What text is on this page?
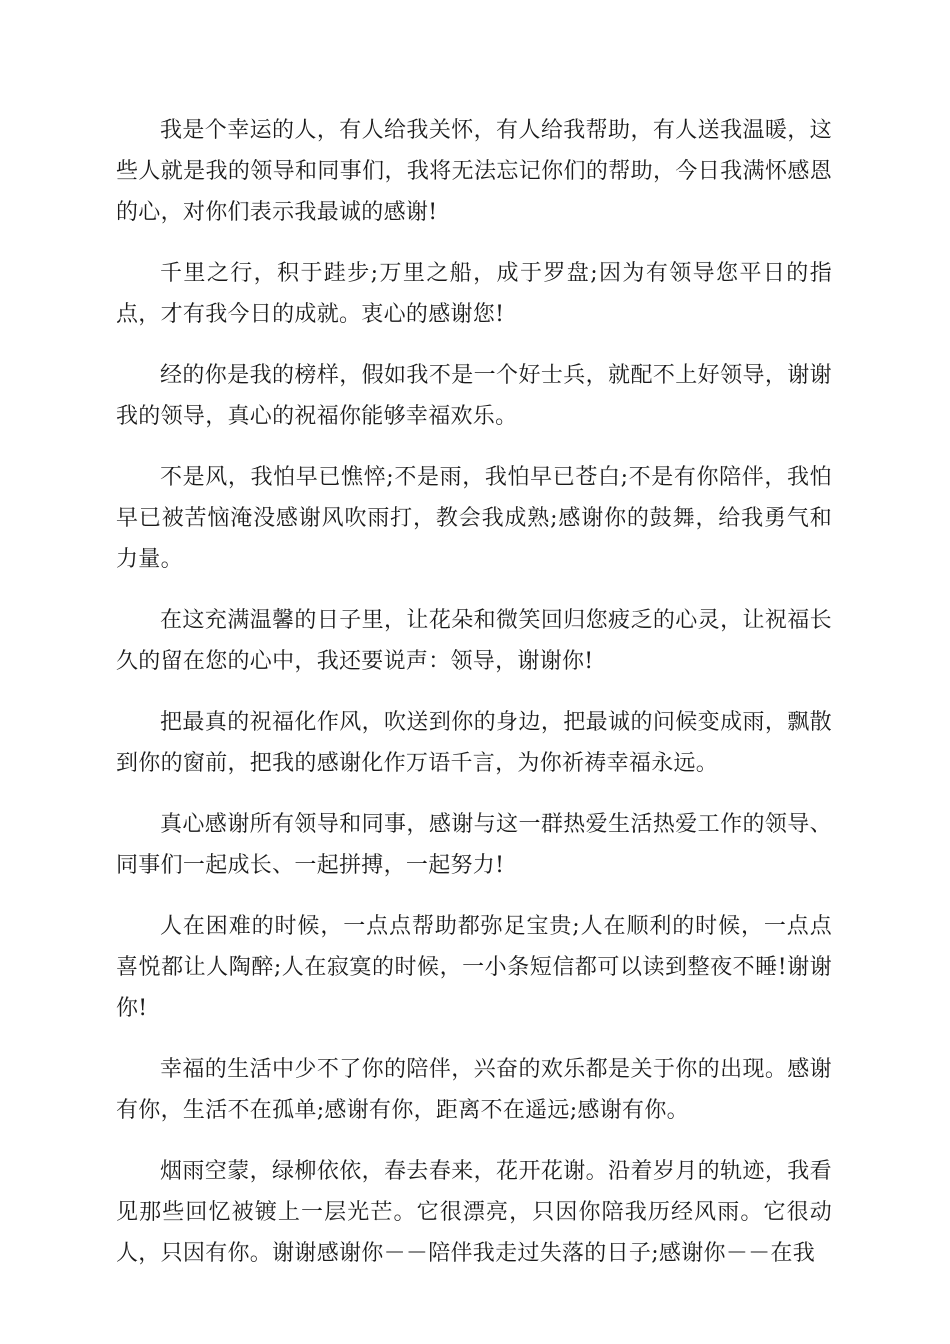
我是个幸运的人，有人给我关怀，有人给我帮助，有人送我温暖，这些人就是我的领导和同事们，我将无法忘记你们的帮助，今日我满怀感恩的心，对你们表示我最诚的感谢!

千里之行，积于跬步;万里之船，成于罗盘;因为有领导您平日的指点，才有我今日的成就。衷心的感谢您!

经的你是我的榜样，假如我不是一个好士兵，就配不上好领导，谢谢我的领导，真心的祝福你能够幸福欢乐。

不是风，我怕早已憔悴;不是雨，我怕早已苍白;不是有你陪伴，我怕早已被苦恼淹没感谢风吹雨打，教会我成熟;感谢你的鼓舞，给我勇气和力量。

在这充满温馨的日子里，让花朵和微笑回归您疲乏的心灵，让祝福长久的留在您的心中，我还要说声：领导，谢谢你!

把最真的祝福化作风，吹送到你的身边，把最诚的问候变成雨，飘散到你的窗前，把我的感谢化作万语千言，为你祈祷幸福永远。

真心感谢所有领导和同事，感谢与这一群热爱生活热爱工作的领导、同事们一起成长、一起拼搏，一起努力!

人在困难的时候，一点点帮助都弥足宝贵;人在顺利的时候，一点点喜悦都让人陶醉;人在寂寞的时候，一小条短信都可以读到整夜不睡!谢谢你!

幸福的生活中少不了你的陪伴，兴奋的欢乐都是关于你的出现。感谢有你，生活不在孤单;感谢有你，距离不在遥远;感谢有你。

烟雨空蒙，绿柳依依，春去春来，花开花谢。沿着岁月的轨迹，我看见那些回忆被镀上一层光芒。它很漂亮，只因你陪我历经风雨。它很动人，只因有你。谢谢感谢你－－陪伴我走过失落的日子;感谢你－－在我
